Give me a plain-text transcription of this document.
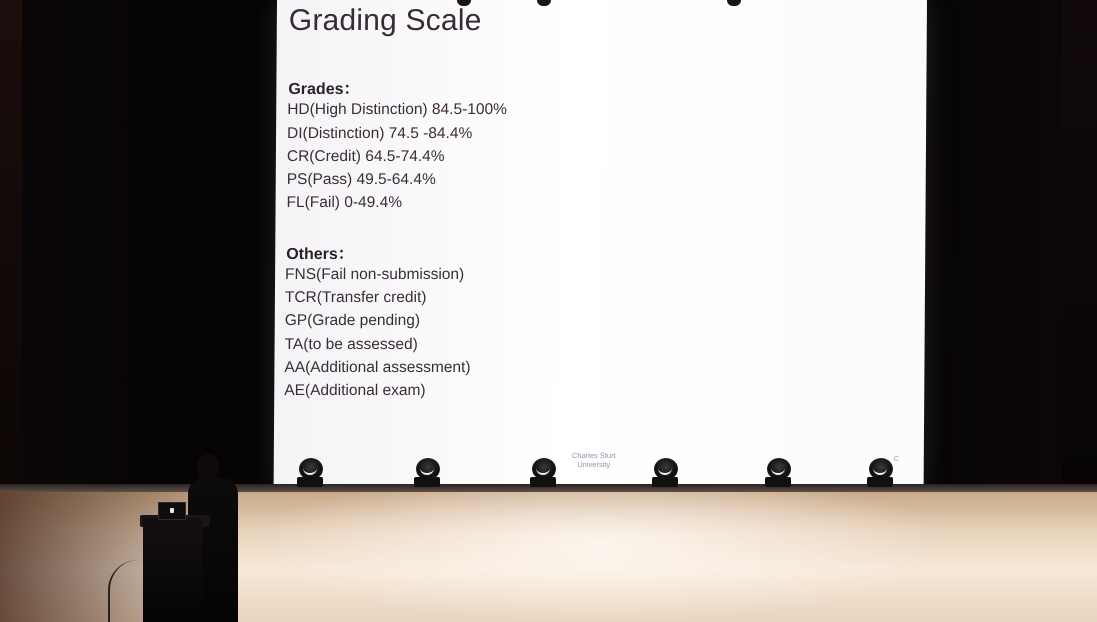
Grading Scale
Grades：
HD(High Distinction) 84.5-100%
DI(Distinction) 74.5 -84.4%
CR(Credit) 64.5-74.4%
PS(Pass) 49.5-64.4%
FL(Fail) 0-49.4%
Others：
FNS(Fail non-submission)
TCR(Transfer credit)
GP(Grade pending)
TA(to be assessed)
AA(Additional assessment)
AE(Additional exam)
Charles Sturt
University
C
